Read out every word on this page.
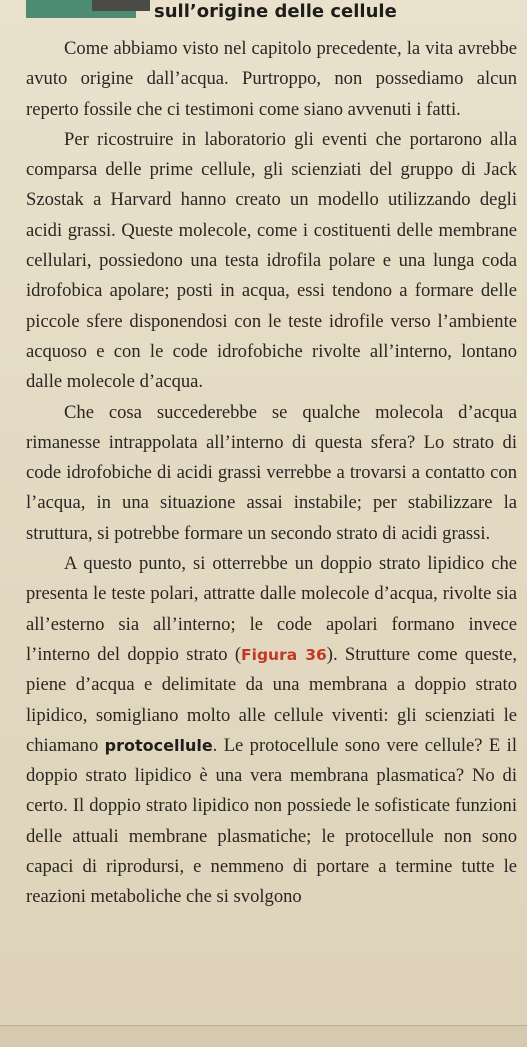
sull’origine delle cellule

Come abbiamo visto nel capitolo precedente, la vita avrebbe avuto origine dall’acqua. Purtroppo, non possediamo alcun reperto fossile che ci testimoni come siano avvenuti i fatti.

Per ricostruire in laboratorio gli eventi che portarono alla comparsa delle prime cellule, gli scienziati del gruppo di Jack Szostak a Harvard hanno creato un modello utilizzando degli acidi grassi. Queste molecole, come i costituenti delle membrane cellulari, possiedono una testa idrofila polare e una lunga coda idrofobica apolare; posti in acqua, essi tendono a formare delle piccole sfere disponendosi con le teste idrofile verso l’ambiente acquoso e con le code idrofobiche rivolte all’interno, lontano dalle molecole d’acqua.

Che cosa succederebbe se qualche molecola d’acqua rimanesse intrappolata all’interno di questa sfera? Lo strato di code idrofobiche di acidi grassi verrebbe a trovarsi a contatto con l’acqua, in una situazione assai instabile; per stabilizzare la struttura, si potrebbe formare un secondo strato di acidi grassi.

A questo punto, si otterrebbe un doppio strato lipidico che presenta le teste polari, attratte dalle molecole d’acqua, rivolte sia all’esterno sia all’interno; le code apolari formano invece l’interno del doppio strato (Figura 36). Strutture come queste, piene d’acqua e delimitate da una membrana a doppio strato lipidico, somigliano molto alle cellule viventi: gli scienziati le chiamano protocellule. Le protocellule sono vere cellule? E il doppio strato lipidico è una vera membrana plasmatica? No di certo. Il doppio strato lipidico non possiede le sofisticate funzioni delle attuali membrane plasmatiche; le protocellule non sono capaci di riprodursi, e nemmeno di portare a termine tutte le reazioni metaboliche che si svolgono
